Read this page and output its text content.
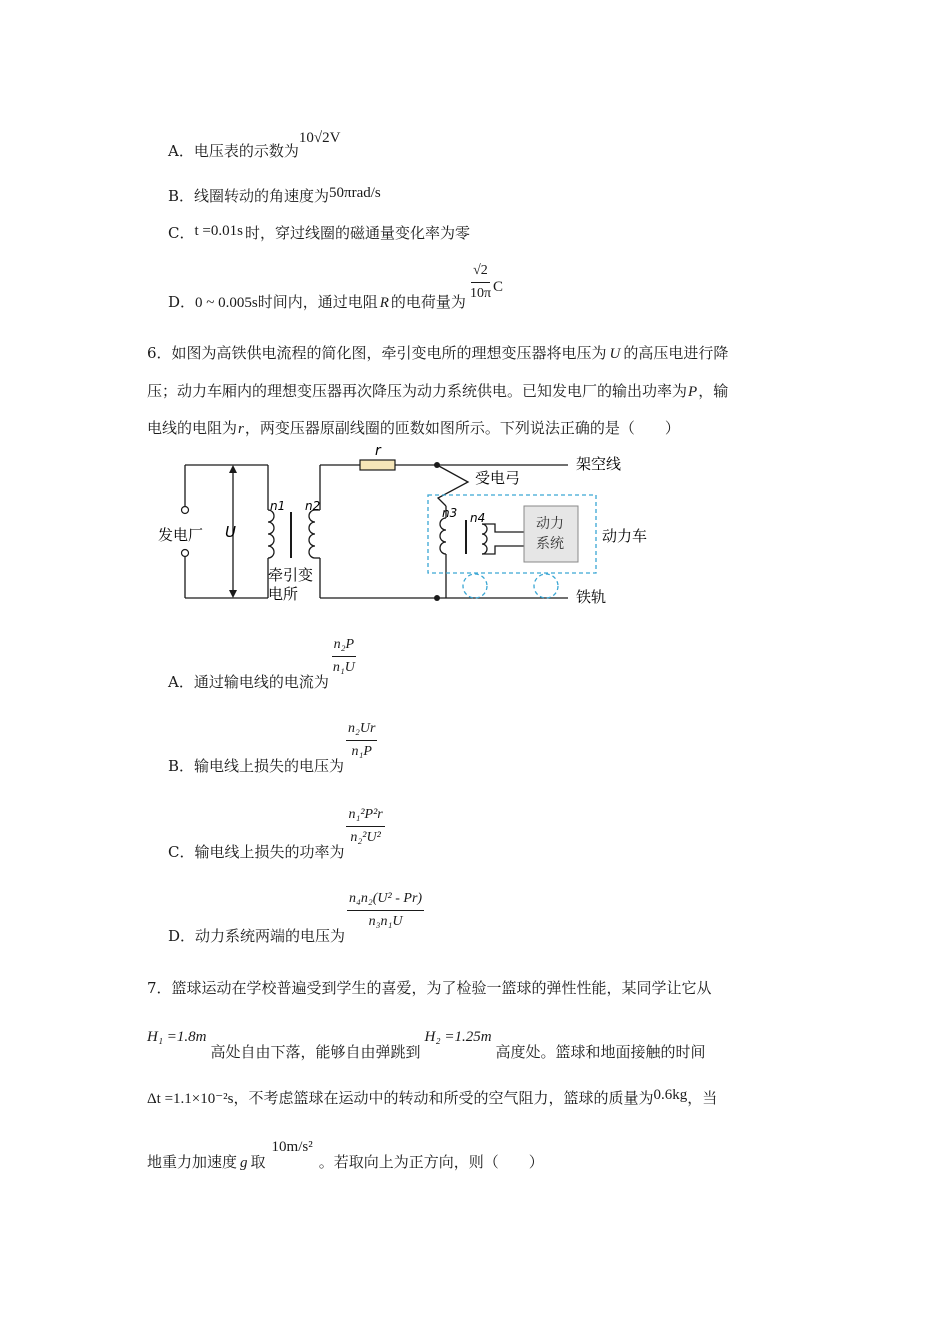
A．电压表的示数为10√2V
B．线圈转动的角速度为50πrad/s
C．t =0.01s 时，穿过线圈的磁通量变化率为零
D．0 ~ 0.005s时间内，通过电阻 R 的电荷量为 $\frac{√2}{10\pi}$ C
6．如图为高铁供电流程的简化图，牵引变电所的理想变压器将电压为 U 的高压电进行降
压；动力车厢内的理想变压器再次降压为动力系统供电。已知发电厂的输出功率为P，输
电线的电阻为r，两变压器原副线圈的匝数如图所示。下列说法正确的是（　　）
r
受电弓
架空线
发电厂 U
n1 n2
牵引变
电所
n3 n4	动力
系统	动力车
铁轨
A．通过输电线的电流为
$\frac{\text{n₂P}}{\text{n₁U}}$
B．输电线上损失的电压为
$\frac{\text{n₂Ur}}{\text{n₁P}}$
C．输电线上损失的功率为
$\frac{\text{n₁²P²r}}{\text{n₂²U²}}$
D．动力系统两端的电压为
$\frac{\text{n₄n₂(U² - Pr)}}{\text{n₃n₁U}}$
7．篮球运动在学校普遍受到学生的喜爱，为了检验一篮球的弹性性能，某同学让它从
H₁ =1.8m高处自由下落，能够自由弹跳到H₂ =1.25m高度处。篮球和地面接触的时间
Δt =1.1×10⁻²s，不考虑篮球在运动中的转动和所受的空气阻力，篮球的质量为0.6kg，当
地重力加速度 g 取10m/s²。若取向上为正方向，则（　　）
